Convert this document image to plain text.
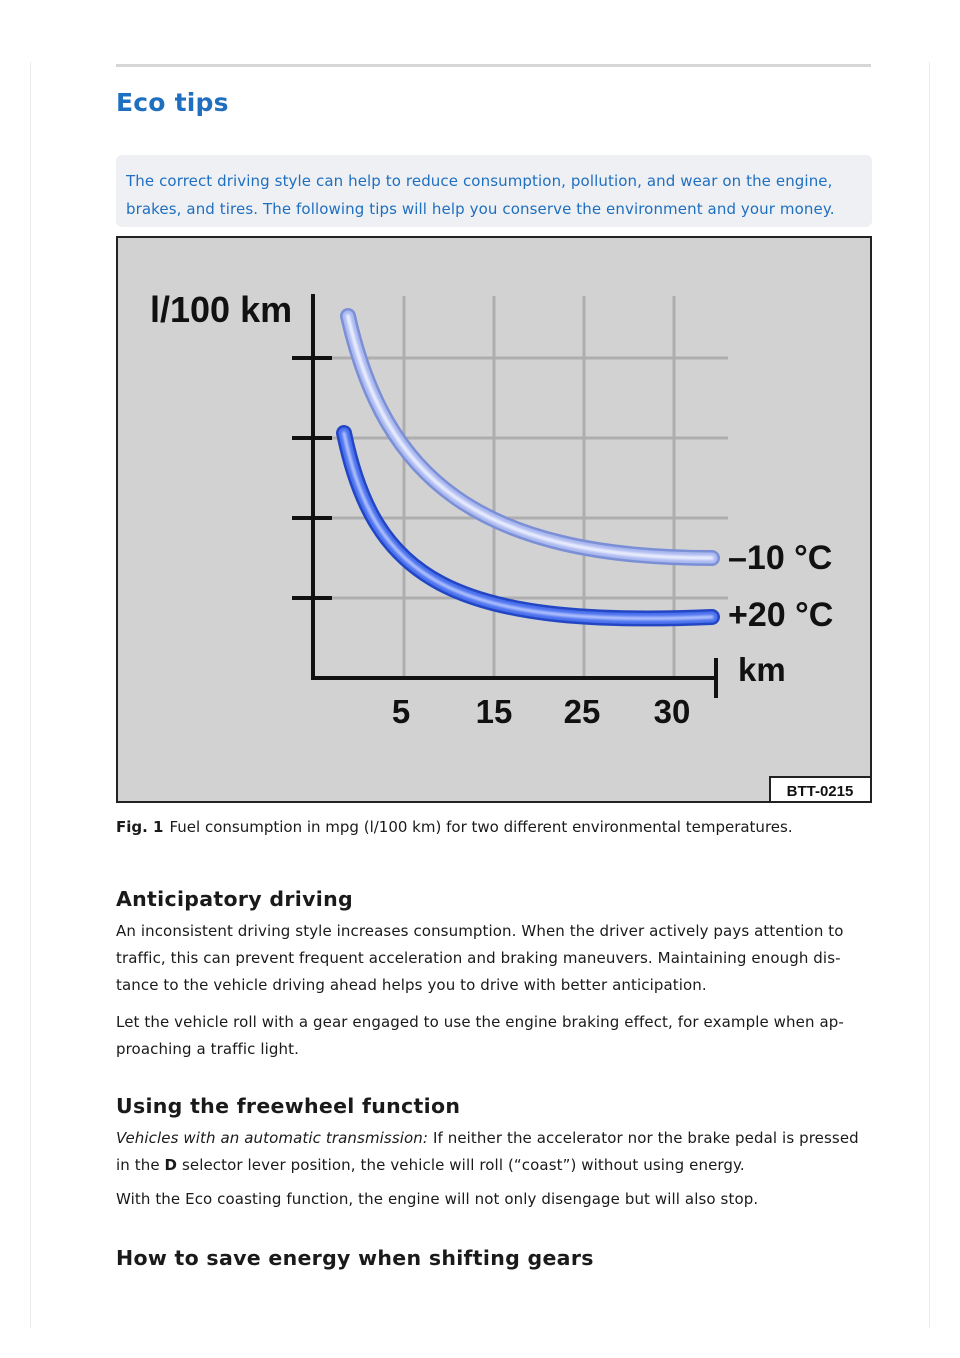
Eco tips
The correct driving style can help to reduce consumption, pollution, and wear on the engine, brakes, and tires. The following tips will help you conserve the environment and your money.
l/100 km
km
5 15 25 30
–10 °C
+20 °C
BTT-0215
Fig. 1 Fuel consumption in mpg (l/100 km) for two different environmental temperatures.
Anticipatory driving

An inconsistent driving style increases consumption. When the driver actively pays attention to traffic, this can prevent frequent acceleration and braking maneuvers. Maintaining enough dis-tance to the vehicle driving ahead helps you to drive with better anticipation.

Let the vehicle roll with a gear engaged to use the engine braking effect, for example when ap-proaching a traffic light.

Using the freewheel function

Vehicles with an automatic transmission: If neither the accelerator nor the brake pedal is pressed in the D selector lever position, the vehicle will roll (“coast”) without using energy.

With the Eco coasting function, the engine will not only disengage but will also stop.

How to save energy when shifting gears
